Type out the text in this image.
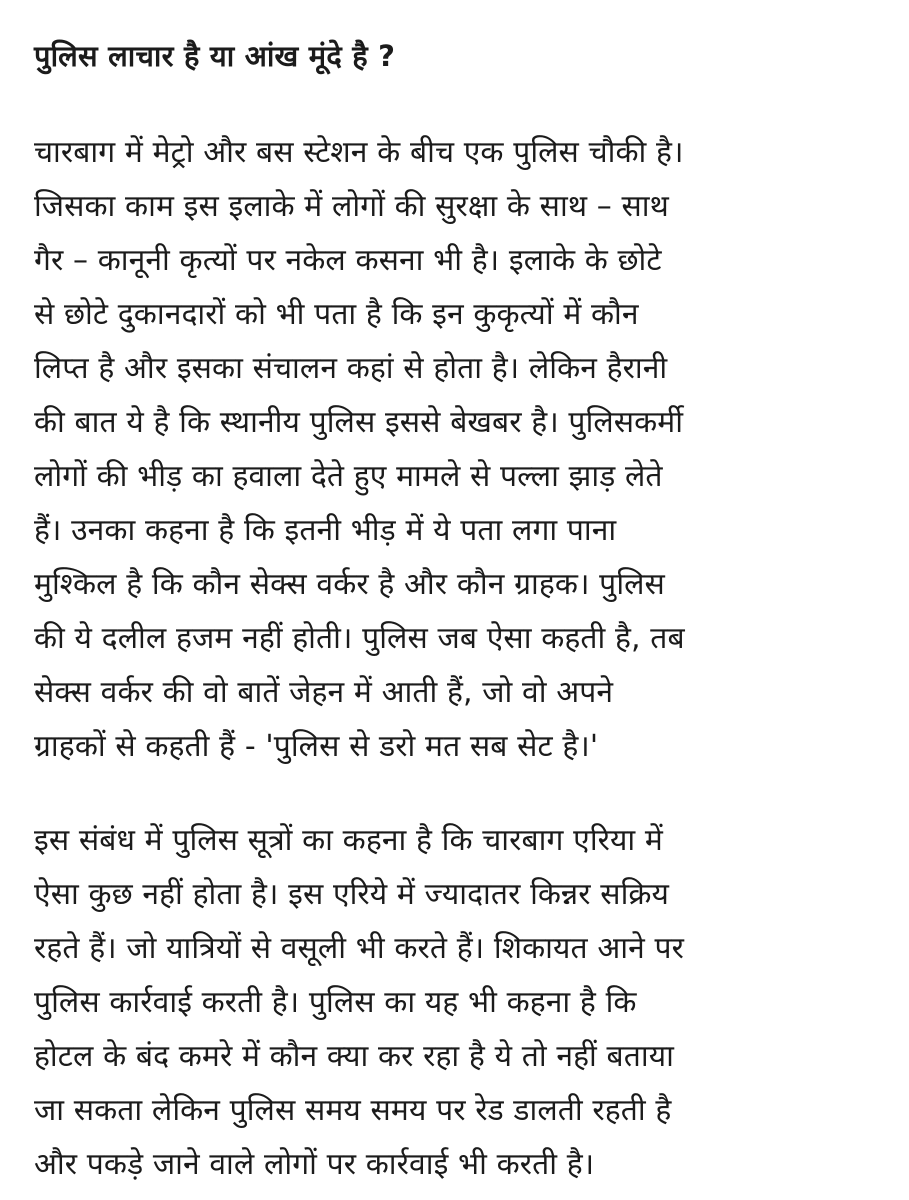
पुलिस लाचार है या आंख मूंदे है ?
चारबाग में मेट्रो और बस स्टेशन के बीच एक पुलिस चौकी है।
जिसका काम इस इलाके में लोगों की सुरक्षा के साथ – साथ
गैर – कानूनी कृत्यों पर नकेल कसना भी है। इलाके के छोटे
से छोटे दुकानदारों को भी पता है कि इन कुकृत्यों में कौन
लिप्त है और इसका संचालन कहां से होता है। लेकिन हैरानी
की बात ये है कि स्थानीय पुलिस इससे बेखबर है। पुलिसकर्मी
लोगों की भीड़ का हवाला देते हुए मामले से पल्ला झाड़ लेते
हैं। उनका कहना है कि इतनी भीड़ में ये पता लगा पाना
मुश्किल है कि कौन सेक्स वर्कर है और कौन ग्राहक। पुलिस
की ये दलील हजम नहीं होती। पुलिस जब ऐसा कहती है, तब
सेक्स वर्कर की वो बातें जेहन में आती हैं, जो वो अपने
ग्राहकों से कहती हैं - 'पुलिस से डरो मत सब सेट है।'
इस संबंध में पुलिस सूत्रों का कहना है कि चारबाग एरिया में
ऐसा कुछ नहीं होता है। इस एरिये में ज्यादातर किन्नर सक्रिय
रहते हैं। जो यात्रियों से वसूली भी करते हैं। शिकायत आने पर
पुलिस कार्रवाई करती है। पुलिस का यह भी कहना है कि
होटल के बंद कमरे में कौन क्या कर रहा है ये तो नहीं बताया
जा सकता लेकिन पुलिस समय समय पर रेड डालती रहती है
और पकड़े जाने वाले लोगों पर कार्रवाई भी करती है।
